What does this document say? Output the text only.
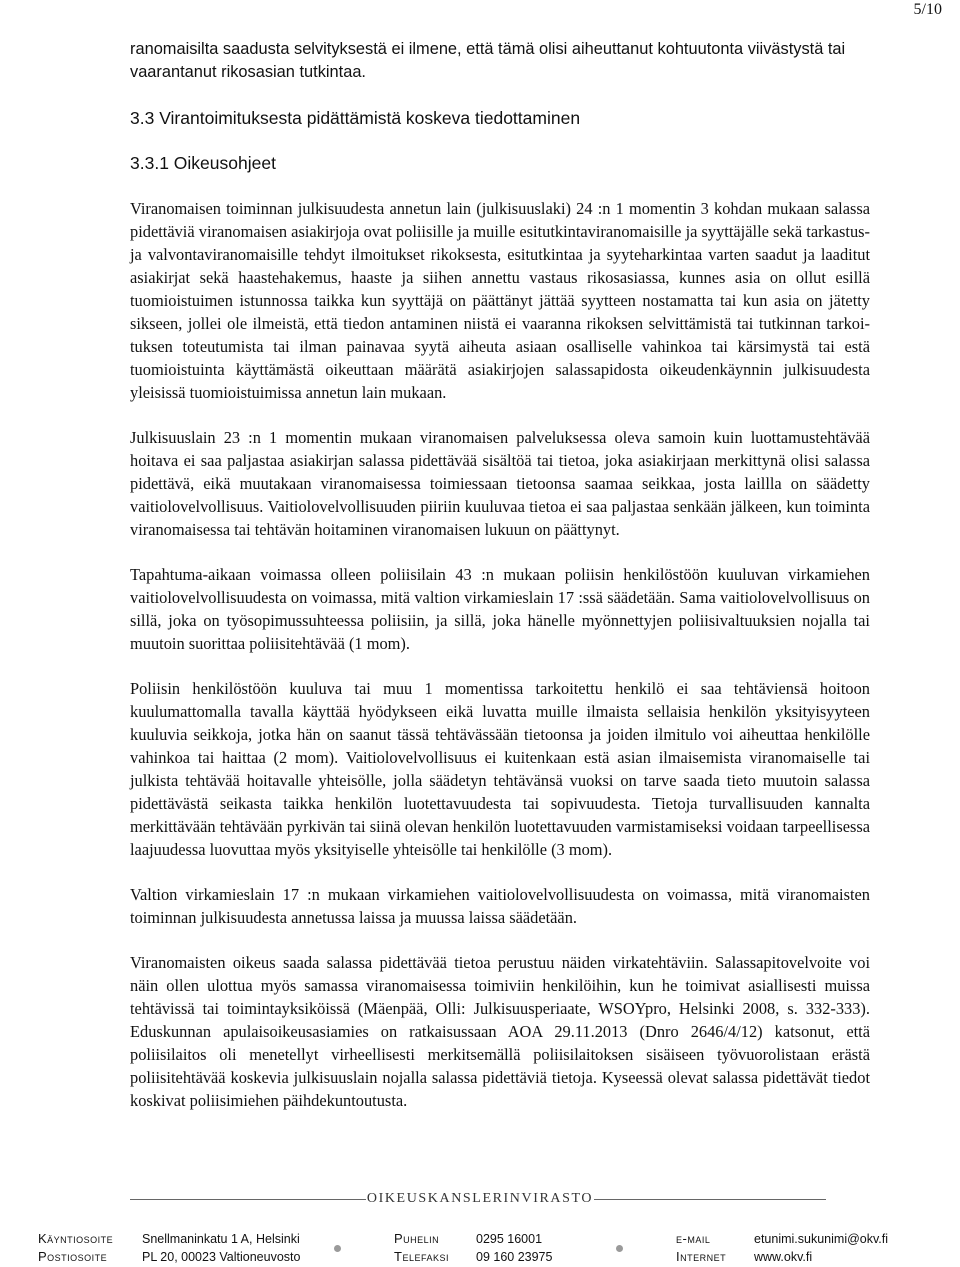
5/10

ranomaisilta saadusta selvityksestä ei ilmene, että tämä olisi aiheuttanut kohtuutonta viivästystä tai vaarantanut rikosasian tutkintaa.

3.3 Virantoimituksesta pidättämistä koskeva tiedottaminen
3.3.1 Oikeusohjeet

Viranomaisen toiminnan julkisuudesta annetun lain (julkisuuslaki) 24 :n 1 momentin 3 kohdan mukaan salassa pidettäviä viranomaisen asiakirjoja ovat poliisille ja muille esitutkintaviranomaisille ja syyttäjälle sekä tarkastus- ja valvontaviranomaisille tehdyt ilmoitukset rikoksesta, esitutkintaa ja syyteharkintaa varten saadut ja laaditut asiakirjat sekä haastehakemus, haaste ja siihen annettu vastaus rikosasiassa, kunnes asia on ollut esillä tuomioistuimen istunnossa taikka kun syyttäjä on päättänyt jättää syytteen nostamatta tai kun asia on jätetty sikseen, jollei ole ilmeistä, että tiedon antaminen niistä ei vaaranna rikoksen selvittämistä tai tutkinnan tarkoituksen toteutumista tai ilman painavaa syytä aiheuta asiaan osalliselle vahinkoa tai kärsimystä tai estä tuomioistuinta käyttämästä oikeuttaan määrätä asiakirjojen salassapidosta oikeudenkäynnin julkisuudesta yleisissä tuomioistuimissa annetun lain mukaan.

Julkisuuslain 23 :n 1 momentin mukaan viranomaisen palveluksessa oleva samoin kuin luottamustehtävää hoitava ei saa paljastaa asiakirjan salassa pidettävää sisältöä tai tietoa, joka asiakirjaan merkittynä olisi salassa pidettävä, eikä muutakaan viranomaisessa toimiessaan tietoonsa saamaa seikkaa, josta laillla on säädetty vaitiolovelvollisuus. Vaitiolovelvollisuuden piiriin kuuluvaa tietoa ei saa paljastaa senkään jälkeen, kun toiminta viranomaisessa tai tehtävän hoitaminen viranomaisen lukuun on päättynyt.

Tapahtuma-aikaan voimassa olleen poliisilain 43 :n mukaan poliisin henkilöstöön kuuluvan virkamiehen vaitiolovelvollisuudesta on voimassa, mitä valtion virkamieslain 17 :ssä säädetään. Sama vaitiolovelvollisuus on sillä, joka on työsopimussuhteessa poliisiin, ja sillä, joka hänelle myönnettyjen poliisivaltuuksien nojalla tai muutoin suorittaa poliisitehtävää (1 mom).

Poliisin henkilöstöön kuuluva tai muu 1 momentissa tarkoitettu henkilö ei saa tehtäviensä hoitoon kuulumattomalla tavalla käyttää hyödykseen eikä luvatta muille ilmaista sellaisia henkilön yksityisyyteen kuuluvia seikkoja, jotka hän on saanut tässä tehtävässään tietoonsa ja joiden ilmitulo voi aiheuttaa henkilölle vahinkoa tai haittaa (2 mom). Vaitiolovelvollisuus ei kuitenkaan estä asian ilmaisemista viranomaiselle tai julkista tehtävää hoitavalle yhteisölle, jolla säädetyn tehtävänsä vuoksi on tarve saada tieto muutoin salassa pidettävästä seikasta taikka henkilön luotettavuudesta tai sopivuudesta. Tietoja turvallisuuden kannalta merkittävään tehtävään pyrkivän tai siinä olevan henkilön luotettavuuden varmistamiseksi voidaan tarpeellisessa laajuudessa luovuttaa myös yksityiselle yhteisölle tai henkilölle (3 mom).

Valtion virkamieslain 17 :n mukaan virkamiehen vaitiolovelvollisuudesta on voimassa, mitä viranomaisten toiminnan julkisuudesta annetussa laissa ja muussa laissa säädetään.

Viranomaisten oikeus saada salassa pidettävää tietoa perustuu näiden virkatehtäviin. Salassapitovelvoite voi näin ollen ulottua myös samassa viranomaisessa toimiviin henkilöihin, kun he toimivat asiallisesti muissa tehtävissä tai toimintayksiköissä (Mäenpää, Olli: Julkisuusperiaate, WSOYpro, Helsinki 2008, s. 332-333). Eduskunnan apulaisoikeusasiamies on ratkaisussaan AOA 29.11.2013 (Dnro 2646/4/12) katsonut, että poliisilaitos oli menetellyt virheellisesti merkitsemällä poliisilaitoksen sisäiseen työvuorolistaan erästä poliisitehtävää koskevia julkisuuslain nojalla salassa pidettäviä tietoja. Kyseessä olevat salassa pidettävät tiedot koskivat poliisimiehen päihdekuntoutusta.

OIKEUSKANSLERINVIRASTO
Käyntiosoite Snellmaninkatu 1 A, Helsinki
Postiosoite	PL 20, 00023 Valtioneuvosto
Puhelin	0295 16001
Telefaksi 09 160 23975
e-mail	etunimi.sukunimi@okv.fi
Internet www.okv.fi
